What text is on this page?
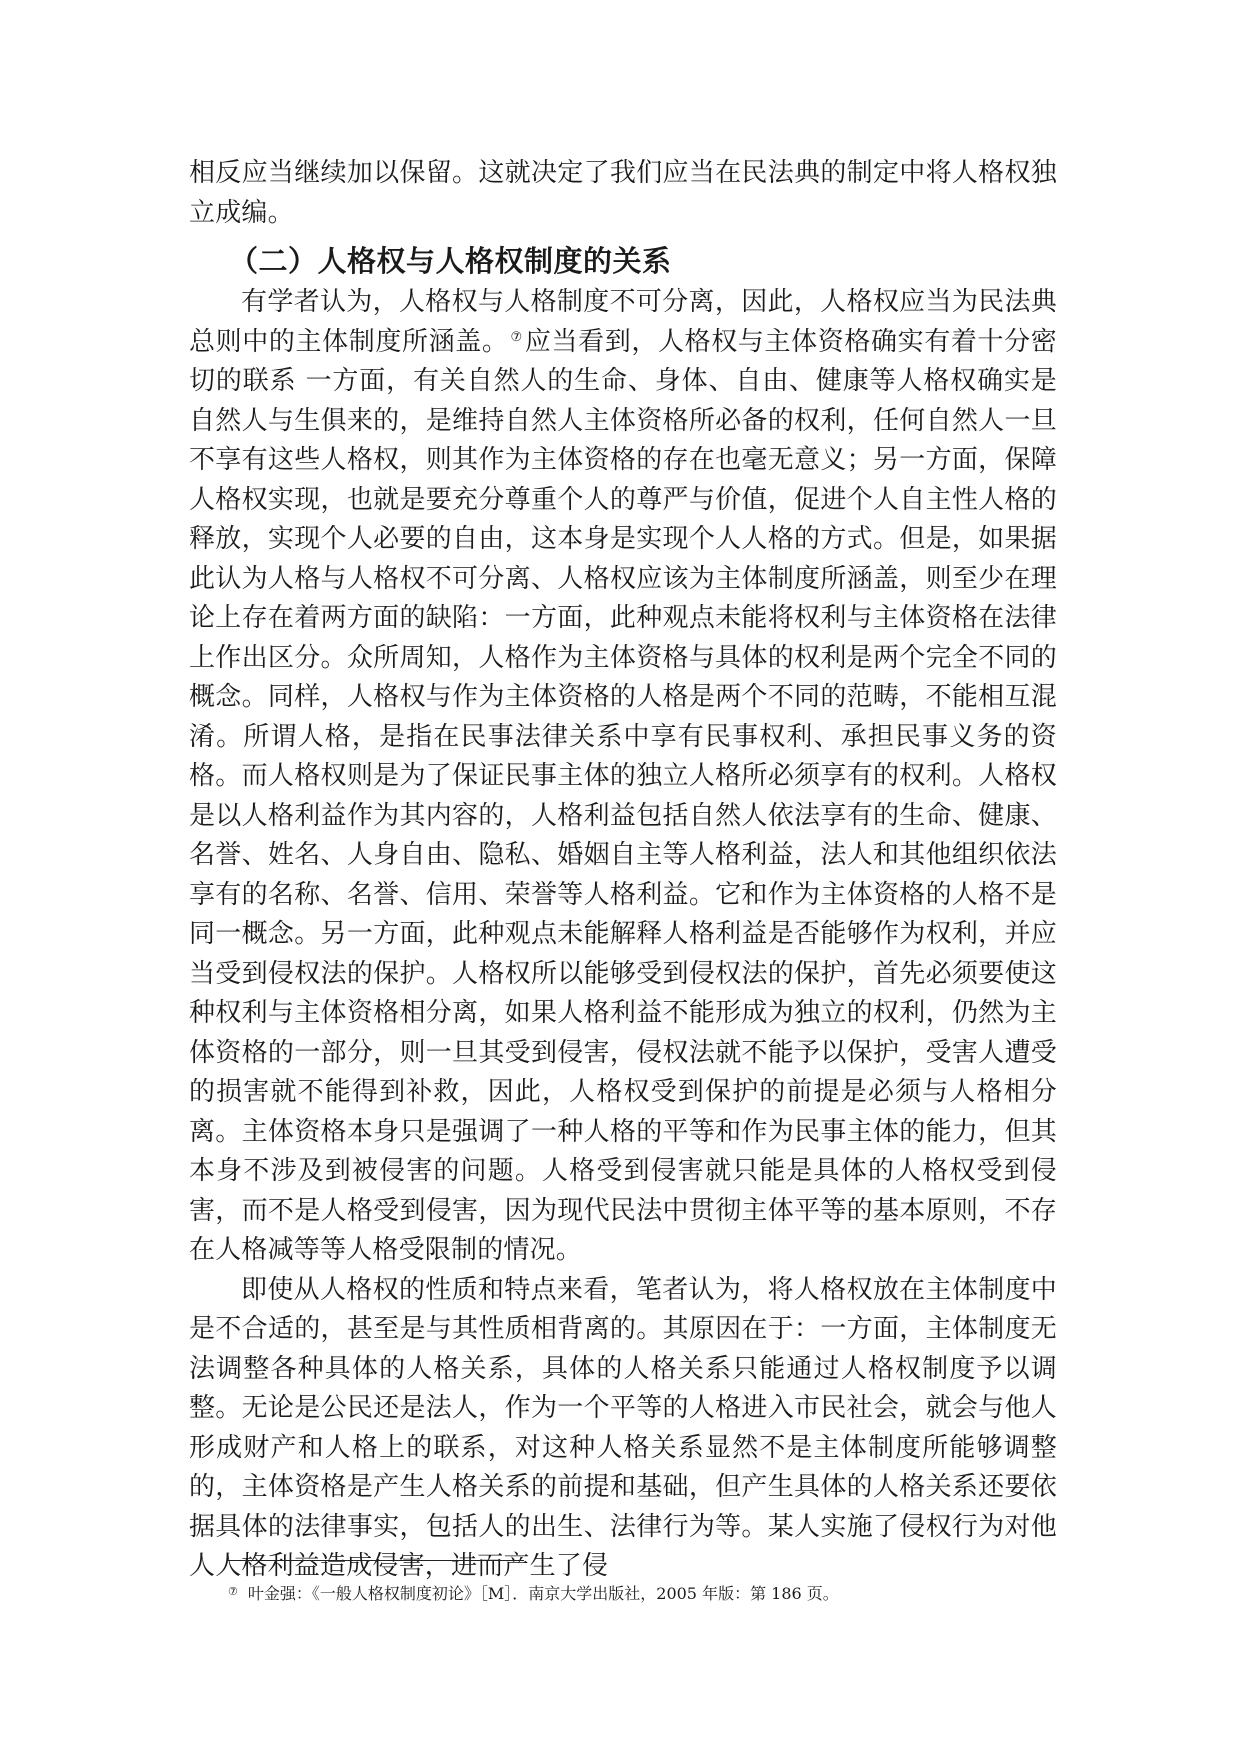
相反应当继续加以保留。这就决定了我们应当在民法典的制定中将人格权独立成编。

（二）人格权与人格权制度的关系

有学者认为，人格权与人格制度不可分离，因此，人格权应当为民法典总则中的主体制度所涵盖。 ⑦应当看到，人格权与主体资格确实有着十分密切的联系 一方面，有关自然人的生命、身体、自由、健康等人格权确实是自然人与生俱来的，是维持自然人主体资格所必备的权利，任何自然人一旦不享有这些人格权，则其作为主体资格的存在也毫无意义；另一方面，保障人格权实现，也就是要充分尊重个人的尊严与价值，促进个人自主性人格的释放，实现个人必要的自由，这本身是实现个人人格的方式。但是，如果据此认为人格与人格权不可分离、人格权应该为主体制度所涵盖，则至少在理论上存在着两方面的缺陷：一方面，此种观点未能将权利与主体资格在法律上作出区分。众所周知，人格作为主体资格与具体的权利是两个完全不同的概念。同样，人格权与作为主体资格的人格是两个不同的范畴，不能相互混淆。所谓人格，是指在民事法律关系中享有民事权利、承担民事义务的资格。而人格权则是为了保证民事主体的独立人格所必须享有的权利。人格权是以人格利益作为其内容的，人格利益包括自然人依法享有的生命、健康、名誉、姓名、人身自由、隐私、婚姻自主等人格利益，法人和其他组织依法享有的名称、名誉、信用、荣誉等人格利益。它和作为主体资格的人格不是同一概念。另一方面，此种观点未能解释人格利益是否能够作为权利，并应当受到侵权法的保护。人格权所以能够受到侵权法的保护，首先必须要使这种权利与主体资格相分离，如果人格利益不能形成为独立的权利，仍然为主体资格的一部分，则一旦其受到侵害，侵权法就不能予以保护，受害人遭受的损害就不能得到补救，因此，人格权受到保护的前提是必须与人格相分离。主体资格本身只是强调了一种人格的平等和作为民事主体的能力，但其本身不涉及到被侵害的问题。人格受到侵害就只能是具体的人格权受到侵害，而不是人格受到侵害，因为现代民法中贯彻主体平等的基本原则，不存在人格减等等人格受限制的情况。

即使从人格权的性质和特点来看，笔者认为，将人格权放在主体制度中是不合适的，甚至是与其性质相背离的。其原因在于：一方面，主体制度无法调整各种具体的人格关系，具体的人格关系只能通过人格权制度予以调整。无论是公民还是法人，作为一个平等的人格进入市民社会，就会与他人形成财产和人格上的联系，对这种人格关系显然不是主体制度所能够调整的，主体资格是产生人格关系的前提和基础，但产生具体的人格关系还要依据具体的法律事实，包括人的出生、法律行为等。某人实施了侵权行为对他人人格利益造成侵害，进而产生了侵

⑦ 叶金强：《一般人格权制度初论》［M］．南京大学出版社，2005 年版：第 186 页。
